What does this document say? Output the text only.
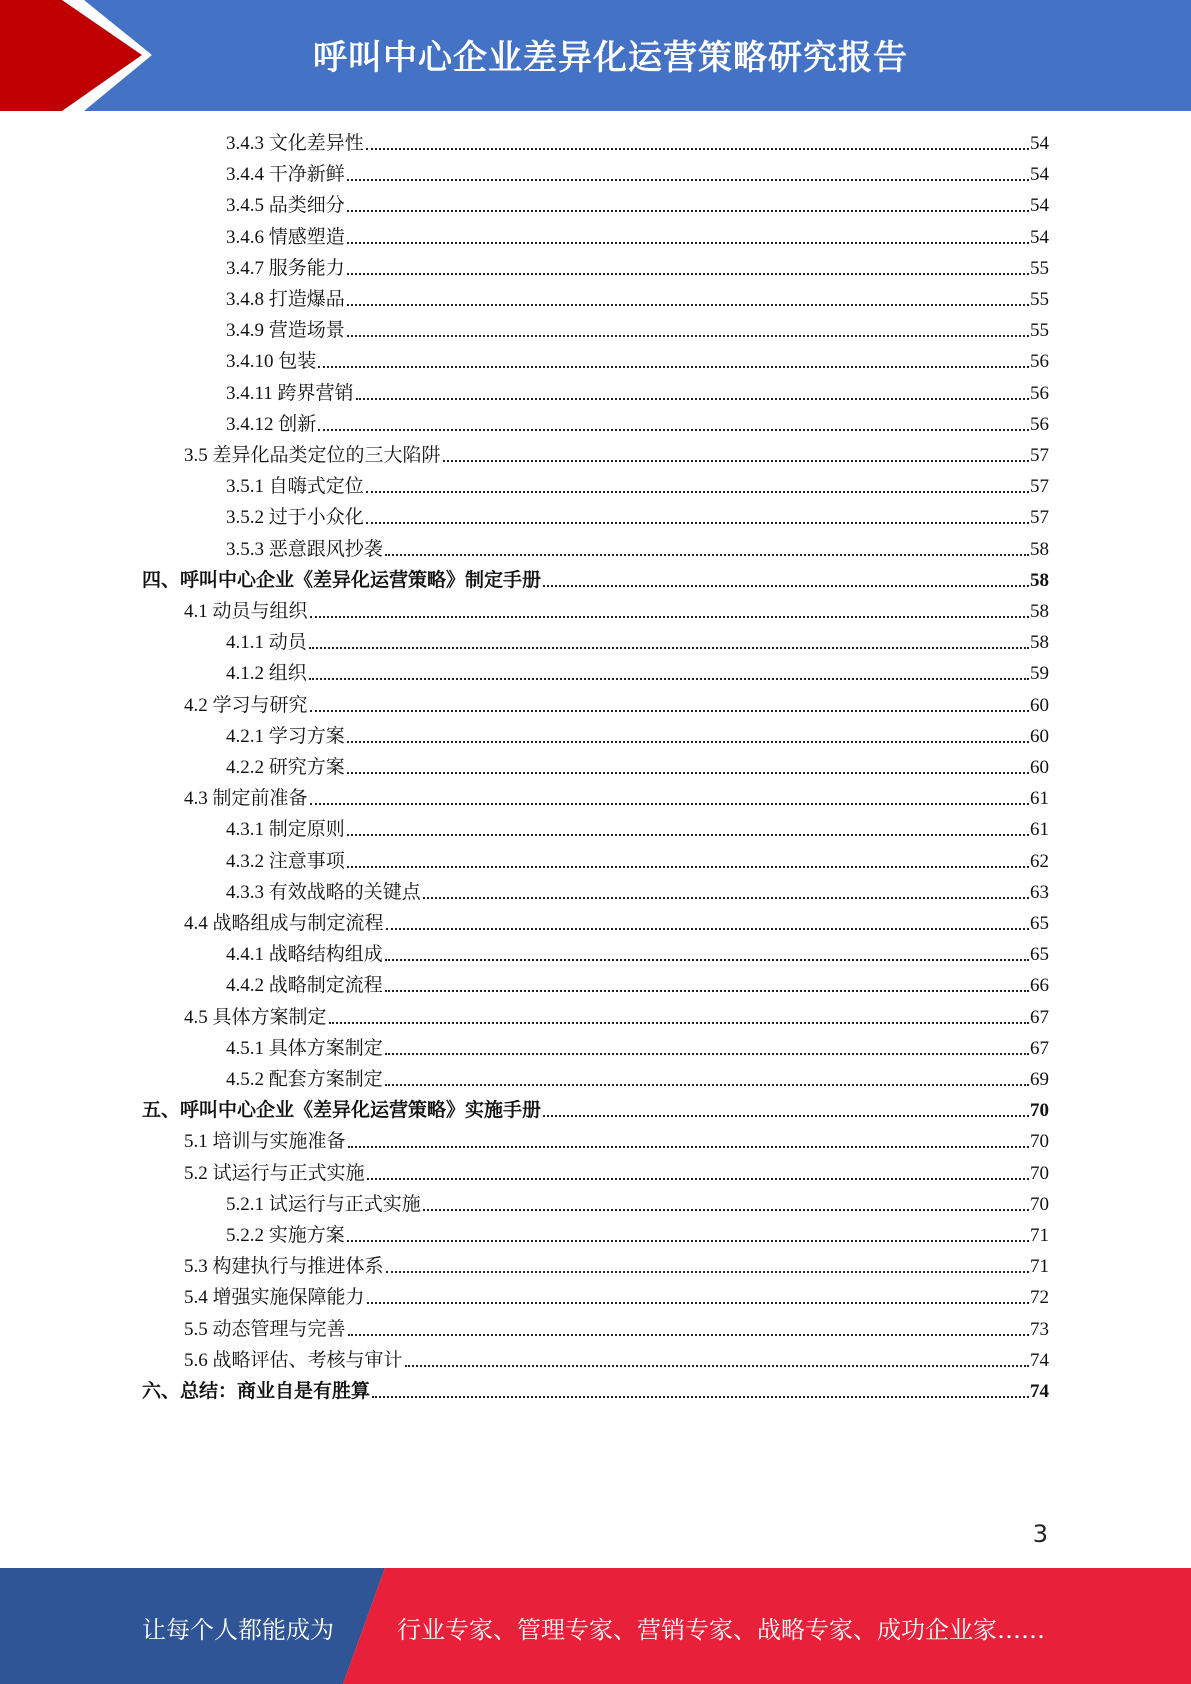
呼叫中心企业差异化运营策略研究报告
3.4.3 文化差异性	54
3.4.4 干净新鲜	54
3.4.5 品类细分	54
3.4.6 情感塑造	54
3.4.7 服务能力	55
3.4.8 打造爆品	55
3.4.9 营造场景	55
3.4.10 包装	56
3.4.11 跨界营销	56
3.4.12 创新	56
3.5 差异化品类定位的三大陷阱	57
3.5.1 自嗨式定位	57
3.5.2 过于小众化	57
3.5.3 恶意跟风抄袭	58
四、呼叫中心企业《差异化运营策略》制定手册	58
4.1 动员与组织	58
4.1.1 动员	58
4.1.2 组织	59
4.2 学习与研究	60
4.2.1 学习方案	60
4.2.2 研究方案	60
4.3 制定前准备	61
4.3.1 制定原则	61
4.3.2 注意事项	62
4.3.3 有效战略的关键点	63
4.4 战略组成与制定流程	65
4.4.1 战略结构组成	65
4.4.2 战略制定流程	66
4.5 具体方案制定	67
4.5.1 具体方案制定	67
4.5.2 配套方案制定	69
五、呼叫中心企业《差异化运营策略》实施手册	70
5.1 培训与实施准备	70
5.2 试运行与正式实施	70
5.2.1 试运行与正式实施	70
5.2.2 实施方案	71
5.3 构建执行与推进体系	71
5.4 增强实施保障能力	72
5.5 动态管理与完善	73
5.6 战略评估、考核与审计	74
六、总结：商业自是有胜算	74
3
让每个人都能成为	行业专家、管理专家、营销专家、战略专家、成功企业家……
